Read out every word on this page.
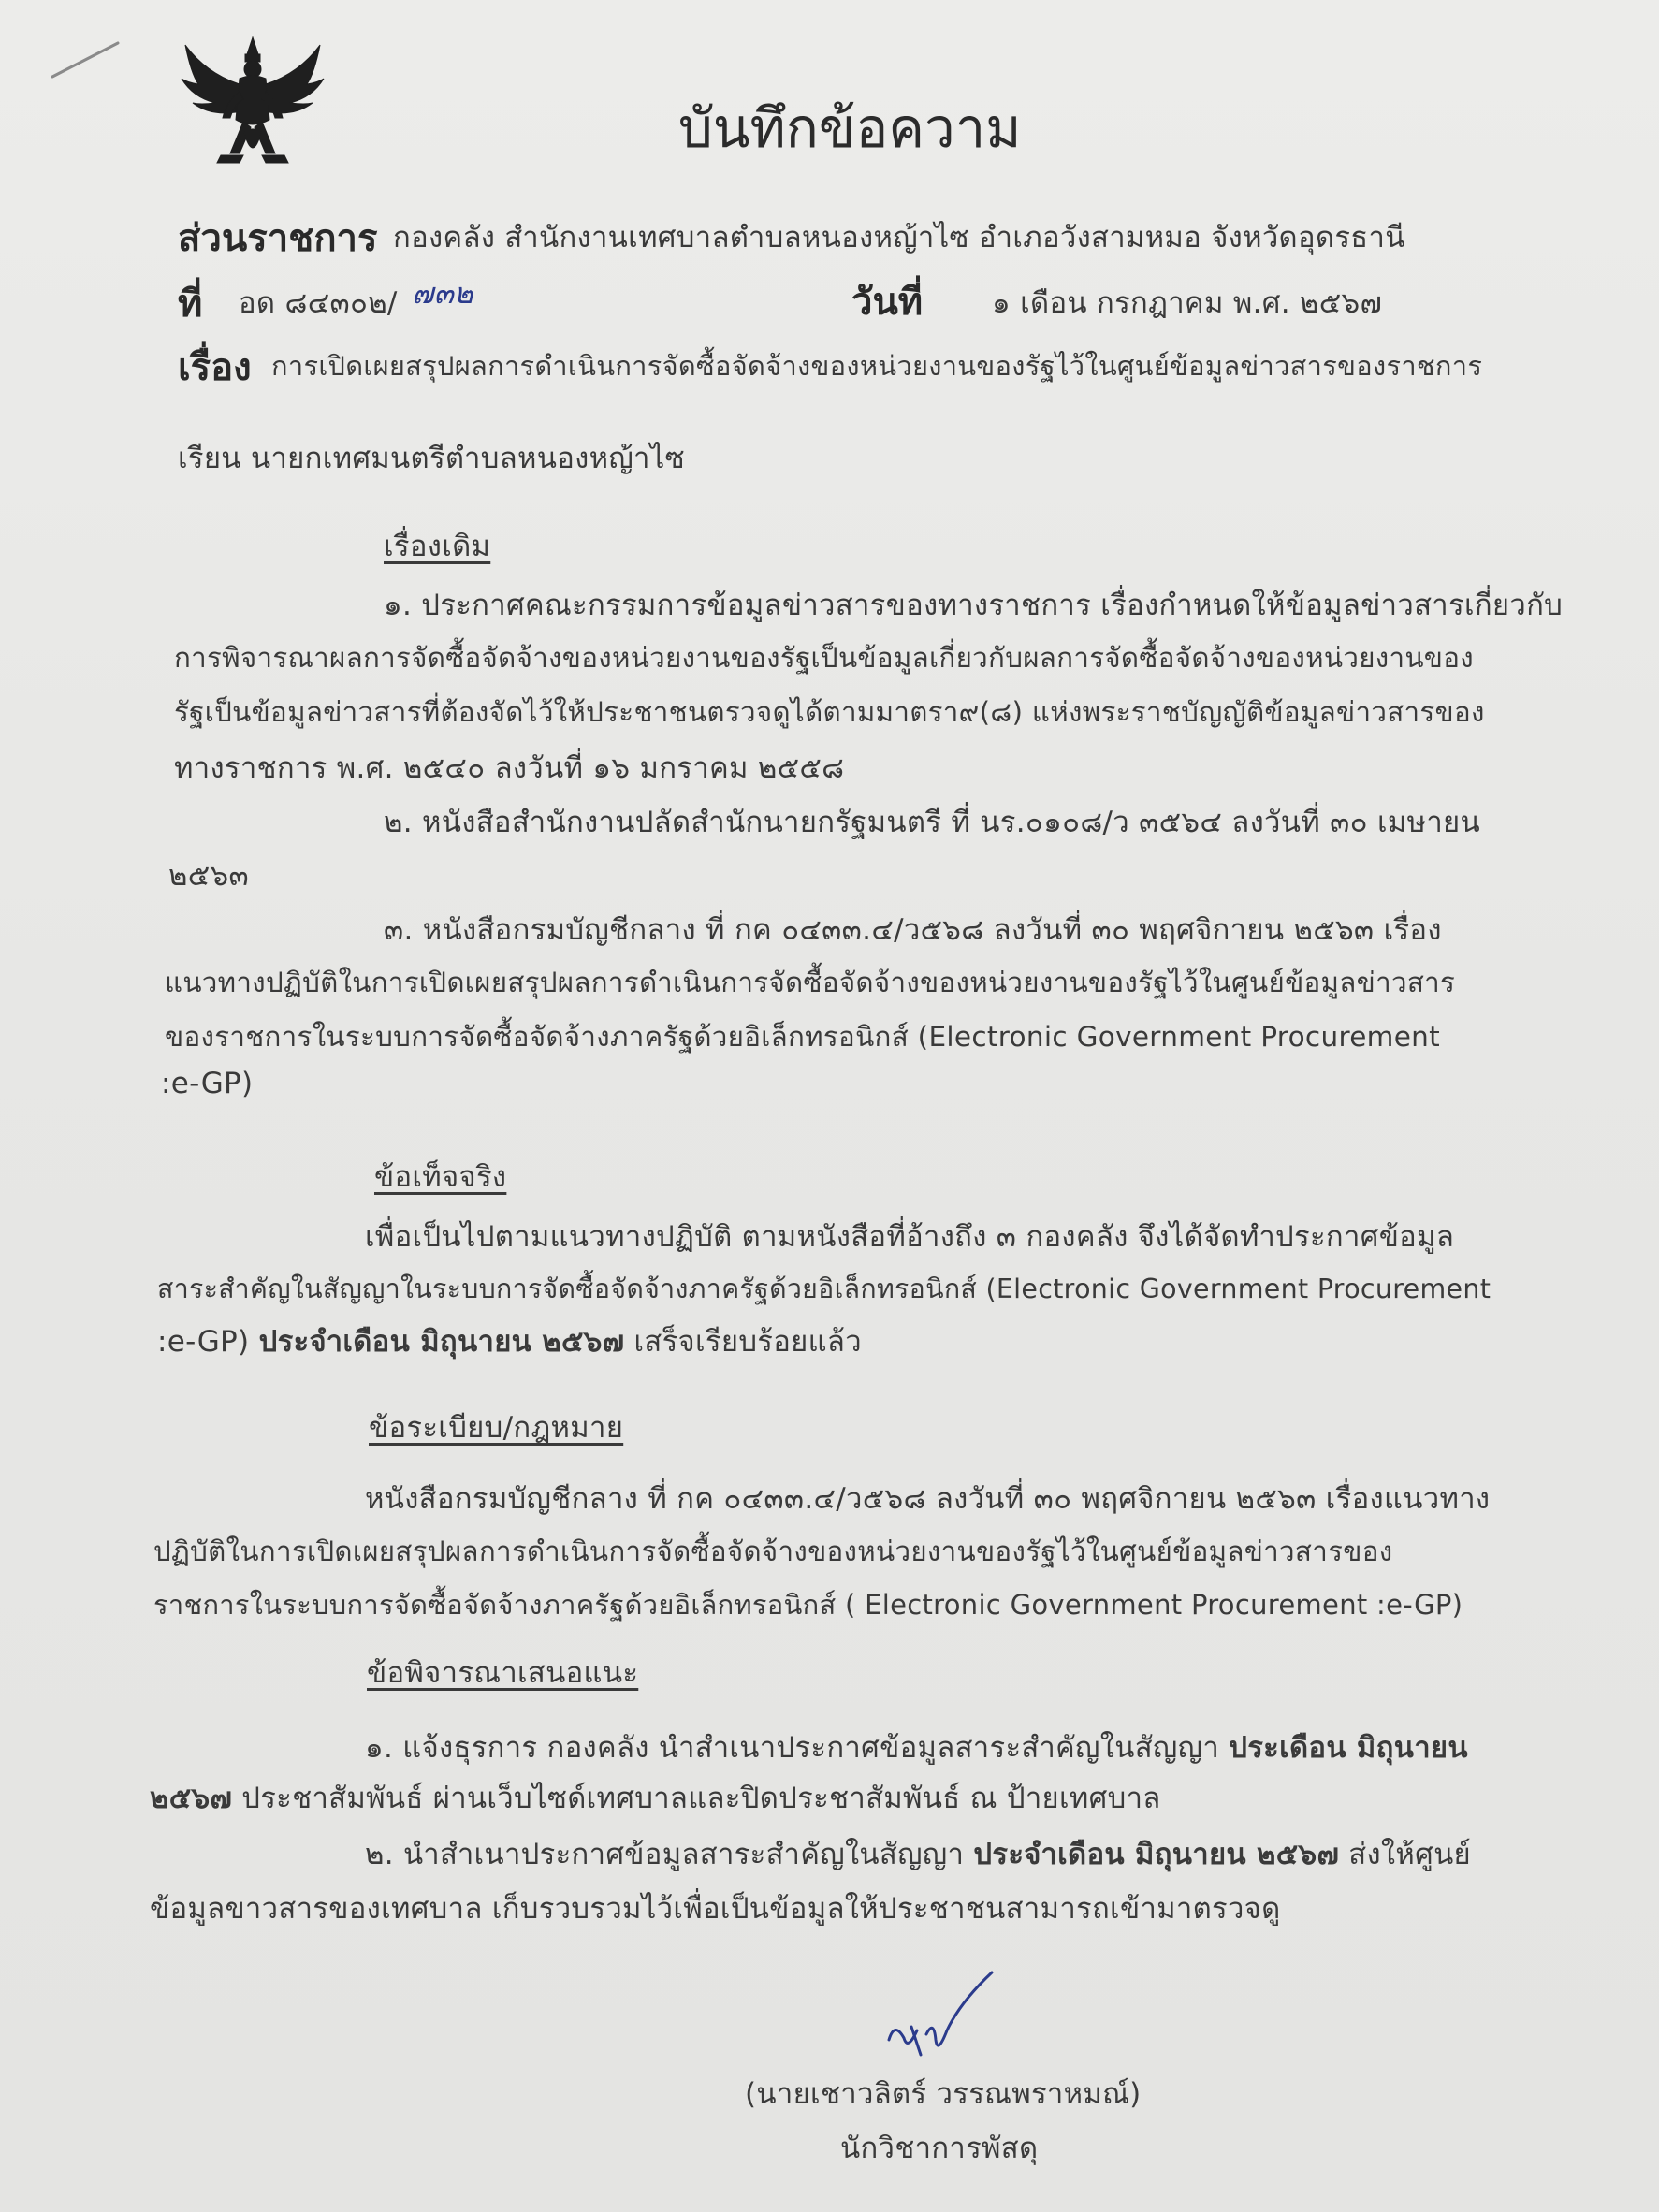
บันทึกข้อความ
ส่วนราชการ กองคลัง สำนักงานเทศบาลตำบลหนองหญ้าไซ อำเภอวังสามหมอ จังหวัดอุดรธานี
ที่ อด ๘๔๓๐๒/ ๗๓๒	วันที่ ๑ เดือน กรกฎาคม พ.ศ. ๒๕๖๗
เรื่อง การเปิดเผยสรุปผลการดำเนินการจัดซื้อจัดจ้างของหน่วยงานของรัฐไว้ในศูนย์ข้อมูลข่าวสารของราชการ
เรียน นายกเทศมนตรีตำบลหนองหญ้าไซ
เรื่องเดิม
๑. ประกาศคณะกรรมการข้อมูลข่าวสารของทางราชการ เรื่องกำหนดให้ข้อมูลข่าวสารเกี่ยวกับ
การพิจารณาผลการจัดซื้อจัดจ้างของหน่วยงานของรัฐเป็นข้อมูลเกี่ยวกับผลการจัดซื้อจัดจ้างของหน่วยงานของ
รัฐเป็นข้อมูลข่าวสารที่ต้องจัดไว้ให้ประชาชนตรวจดูได้ตามมาตรา๙(๘) แห่งพระราชบัญญัติข้อมูลข่าวสารของ
ทางราชการ พ.ศ. ๒๕๔๐ ลงวันที่ ๑๖ มกราคม ๒๕๕๘
๒. หนังสือสำนักงานปลัดสำนักนายกรัฐมนตรี ที่ นร.๐๑๐๘/ว ๓๕๖๔ ลงวันที่ ๓๐ เมษายน
๒๕๖๓
๓. หนังสือกรมบัญชีกลาง ที่ กค ๐๔๓๓.๔/ว๕๖๘ ลงวันที่ ๓๐ พฤศจิกายน ๒๕๖๓ เรื่อง
แนวทางปฏิบัติในการเปิดเผยสรุปผลการดำเนินการจัดซื้อจัดจ้างของหน่วยงานของรัฐไว้ในศูนย์ข้อมูลข่าวสาร
ของราชการในระบบการจัดซื้อจัดจ้างภาครัฐด้วยอิเล็กทรอนิกส์ (Electronic Government Procurement
:e-GP)
ข้อเท็จจริง
เพื่อเป็นไปตามแนวทางปฏิบัติ ตามหนังสือที่อ้างถึง ๓ กองคลัง จึงได้จัดทำประกาศข้อมูล
สาระสำคัญในสัญญาในระบบการจัดซื้อจัดจ้างภาครัฐด้วยอิเล็กทรอนิกส์ (Electronic Government Procurement
:e-GP) ประจำเดือน มิถุนายน ๒๕๖๗ เสร็จเรียบร้อยแล้ว
ข้อระเบียบ/กฎหมาย
หนังสือกรมบัญชีกลาง ที่ กค ๐๔๓๓.๔/ว๕๖๘ ลงวันที่ ๓๐ พฤศจิกายน ๒๕๖๓ เรื่องแนวทาง
ปฏิบัติในการเปิดเผยสรุปผลการดำเนินการจัดซื้อจัดจ้างของหน่วยงานของรัฐไว้ในศูนย์ข้อมูลข่าวสารของ
ราชการในระบบการจัดซื้อจัดจ้างภาครัฐด้วยอิเล็กทรอนิกส์ ( Electronic Government Procurement :e-GP)
ข้อพิจารณาเสนอแนะ
๑. แจ้งธุรการ กองคลัง นำสำเนาประกาศข้อมูลสาระสำคัญในสัญญา ประเดือน มิถุนายน
๒๕๖๗ ประชาสัมพันธ์ ผ่านเว็บไซด์เทศบาลและปิดประชาสัมพันธ์ ณ ป้ายเทศบาล
๒. นำสำเนาประกาศข้อมูลสาระสำคัญในสัญญา ประจำเดือน มิถุนายน ๒๕๖๗ ส่งให้ศูนย์
ข้อมูลขาวสารของเทศบาล เก็บรวบรวมไว้เพื่อเป็นข้อมูลให้ประชาชนสามารถเข้ามาตรวจดู
(นายเชาวลิตร์ วรรณพราหมณ์)
นักวิชาการพัสดุ
